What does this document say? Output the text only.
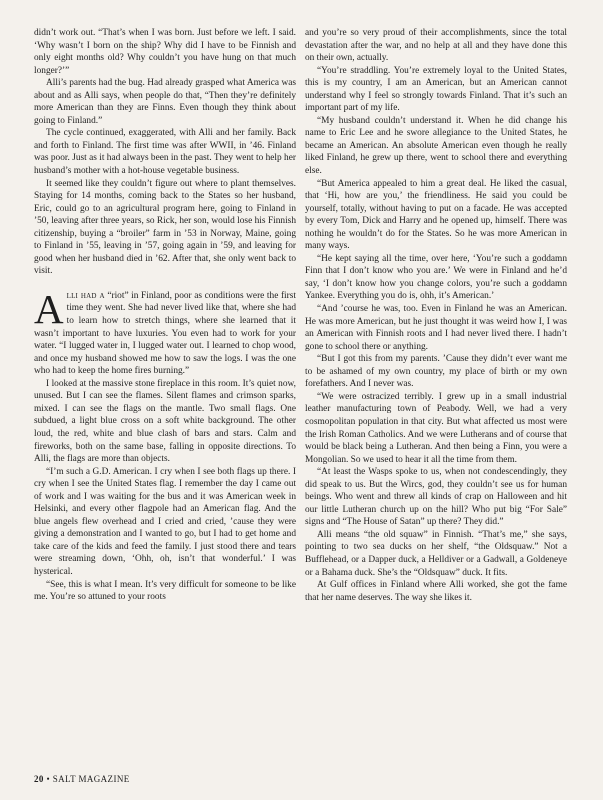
didn’t work out. “That’s when I was born. Just before we left. I said. ‘Why wasn’t I born on the ship? Why did I have to be Finnish and only eight months old? Why couldn’t you have hung on that much longer?’”

Alli’s parents had the bug. Had already grasped what America was about and as Alli says, when people do that, “Then they’re definitely more American than they are Finns. Even though they think about going to Finland.”

The cycle continued, exaggerated, with Alli and her family. Back and forth to Finland. The first time was after WWII, in ’46. Finland was poor. Just as it had always been in the past. They went to help her husband’s mother with a hot-house vegetable business.

It seemed like they couldn’t figure out where to plant themselves. Staying for 14 months, coming back to the States so her husband, Eric, could go to an agricultural program here, going to Finland in ’50, leaving after three years, so Rick, her son, would lose his Finnish citizenship, buying a “broiler” farm in ’53 in Norway, Maine, going to Finland in ’55, leaving in ’57, going again in ’59, and leaving for good when her husband died in ’62. After that, she only went back to visit.

Alli had a “riot” in Finland, poor as conditions were the first time they went. She had never lived like that, where she had to learn how to stretch things, where she learned that it wasn’t important to have luxuries. You even had to work for your water. “I lugged water in, I lugged water out. I learned to chop wood, and once my husband showed me how to saw the logs. I was the one who had to keep the home fires burning.”

I looked at the massive stone fireplace in this room. It’s quiet now, unused. But I can see the flames. Silent flames and crimson sparks, mixed. I can see the flags on the mantle. Two small flags. One subdued, a light blue cross on a soft white background. The other loud, the red, white and blue clash of bars and stars. Calm and fireworks, both on the same base, falling in opposite directions. To Alli, the flags are more than objects.

“I’m such a G.D. American. I cry when I see both flags up there. I cry when I see the United States flag. I remember the day I came out of work and I was waiting for the bus and it was American week in Helsinki, and every other flagpole had an American flag. And the blue angels flew overhead and I cried and cried, ’cause they were giving a demonstration and I wanted to go, but I had to get home and take care of the kids and feed the family. I just stood there and tears were streaming down, ‘Ohh, oh, isn’t that wonderful.’ I was hysterical.

“See, this is what I mean. It’s very difficult for someone to be like me. You’re so attuned to your roots

and you’re so very proud of their accomplishments, since the total devastation after the war, and no help at all and they have done this on their own, actually.

“You’re straddling. You’re extremely loyal to the United States, this is my country, I am an American, but an American cannot understand why I feel so strongly towards Finland. That it’s such an important part of my life.

“My husband couldn’t understand it. When he did change his name to Eric Lee and he swore allegiance to the United States, he became an American. An absolute American even though he really liked Finland, he grew up there, went to school there and everything else.

“But America appealed to him a great deal. He liked the casual, that ‘Hi, how are you,’ the friendliness. He said you could be yourself, totally, without having to put on a facade. He was accepted by every Tom, Dick and Harry and he opened up, himself. There was nothing he wouldn’t do for the States. So he was more American in many ways.

“He kept saying all the time, over here, ‘You’re such a goddamn Finn that I don’t know who you are.’ We were in Finland and he’d say, ‘I don’t know how you change colors, you’re such a goddamn Yankee. Everything you do is, ohh, it’s American.’

“And ’course he was, too. Even in Finland he was an American. He was more American, but he just thought it was weird how I, I was an American with Finnish roots and I had never lived there. I hadn’t gone to school there or anything.

“But I got this from my parents. ’Cause they didn’t ever want me to be ashamed of my own country, my place of birth or my own forefathers. And I never was.

“We were ostracized terribly. I grew up in a small industrial leather manufacturing town of Peabody. Well, we had a very cosmopolitan population in that city. But what affected us most were the Irish Roman Catholics. And we were Lutherans and of course that would be black being a Lutheran. And then being a Finn, you were a Mongolian. So we used to hear it all the time from them.

“At least the Wasps spoke to us, when not condescendingly, they did speak to us. But the Wircs, god, they couldn’t see us for human beings. Who went and threw all kinds of crap on Halloween and hit our little Lutheran church up on the hill? Who put big “For Sale” signs and “The House of Satan” up there? They did.”

Alli means “the old squaw” in Finnish. “That’s me,” she says, pointing to two sea ducks on her shelf, “the Oldsquaw.” Not a Bufflehead, or a Dapper duck, a Helldiver or a Gadwall, a Goldeneye or a Bahama duck. She’s the “Oldsquaw” duck. It fits.

At Gulf offices in Finland where Alli worked, she got the fame that her name deserves. The way she likes it.

20 • SALT MAGAZINE
